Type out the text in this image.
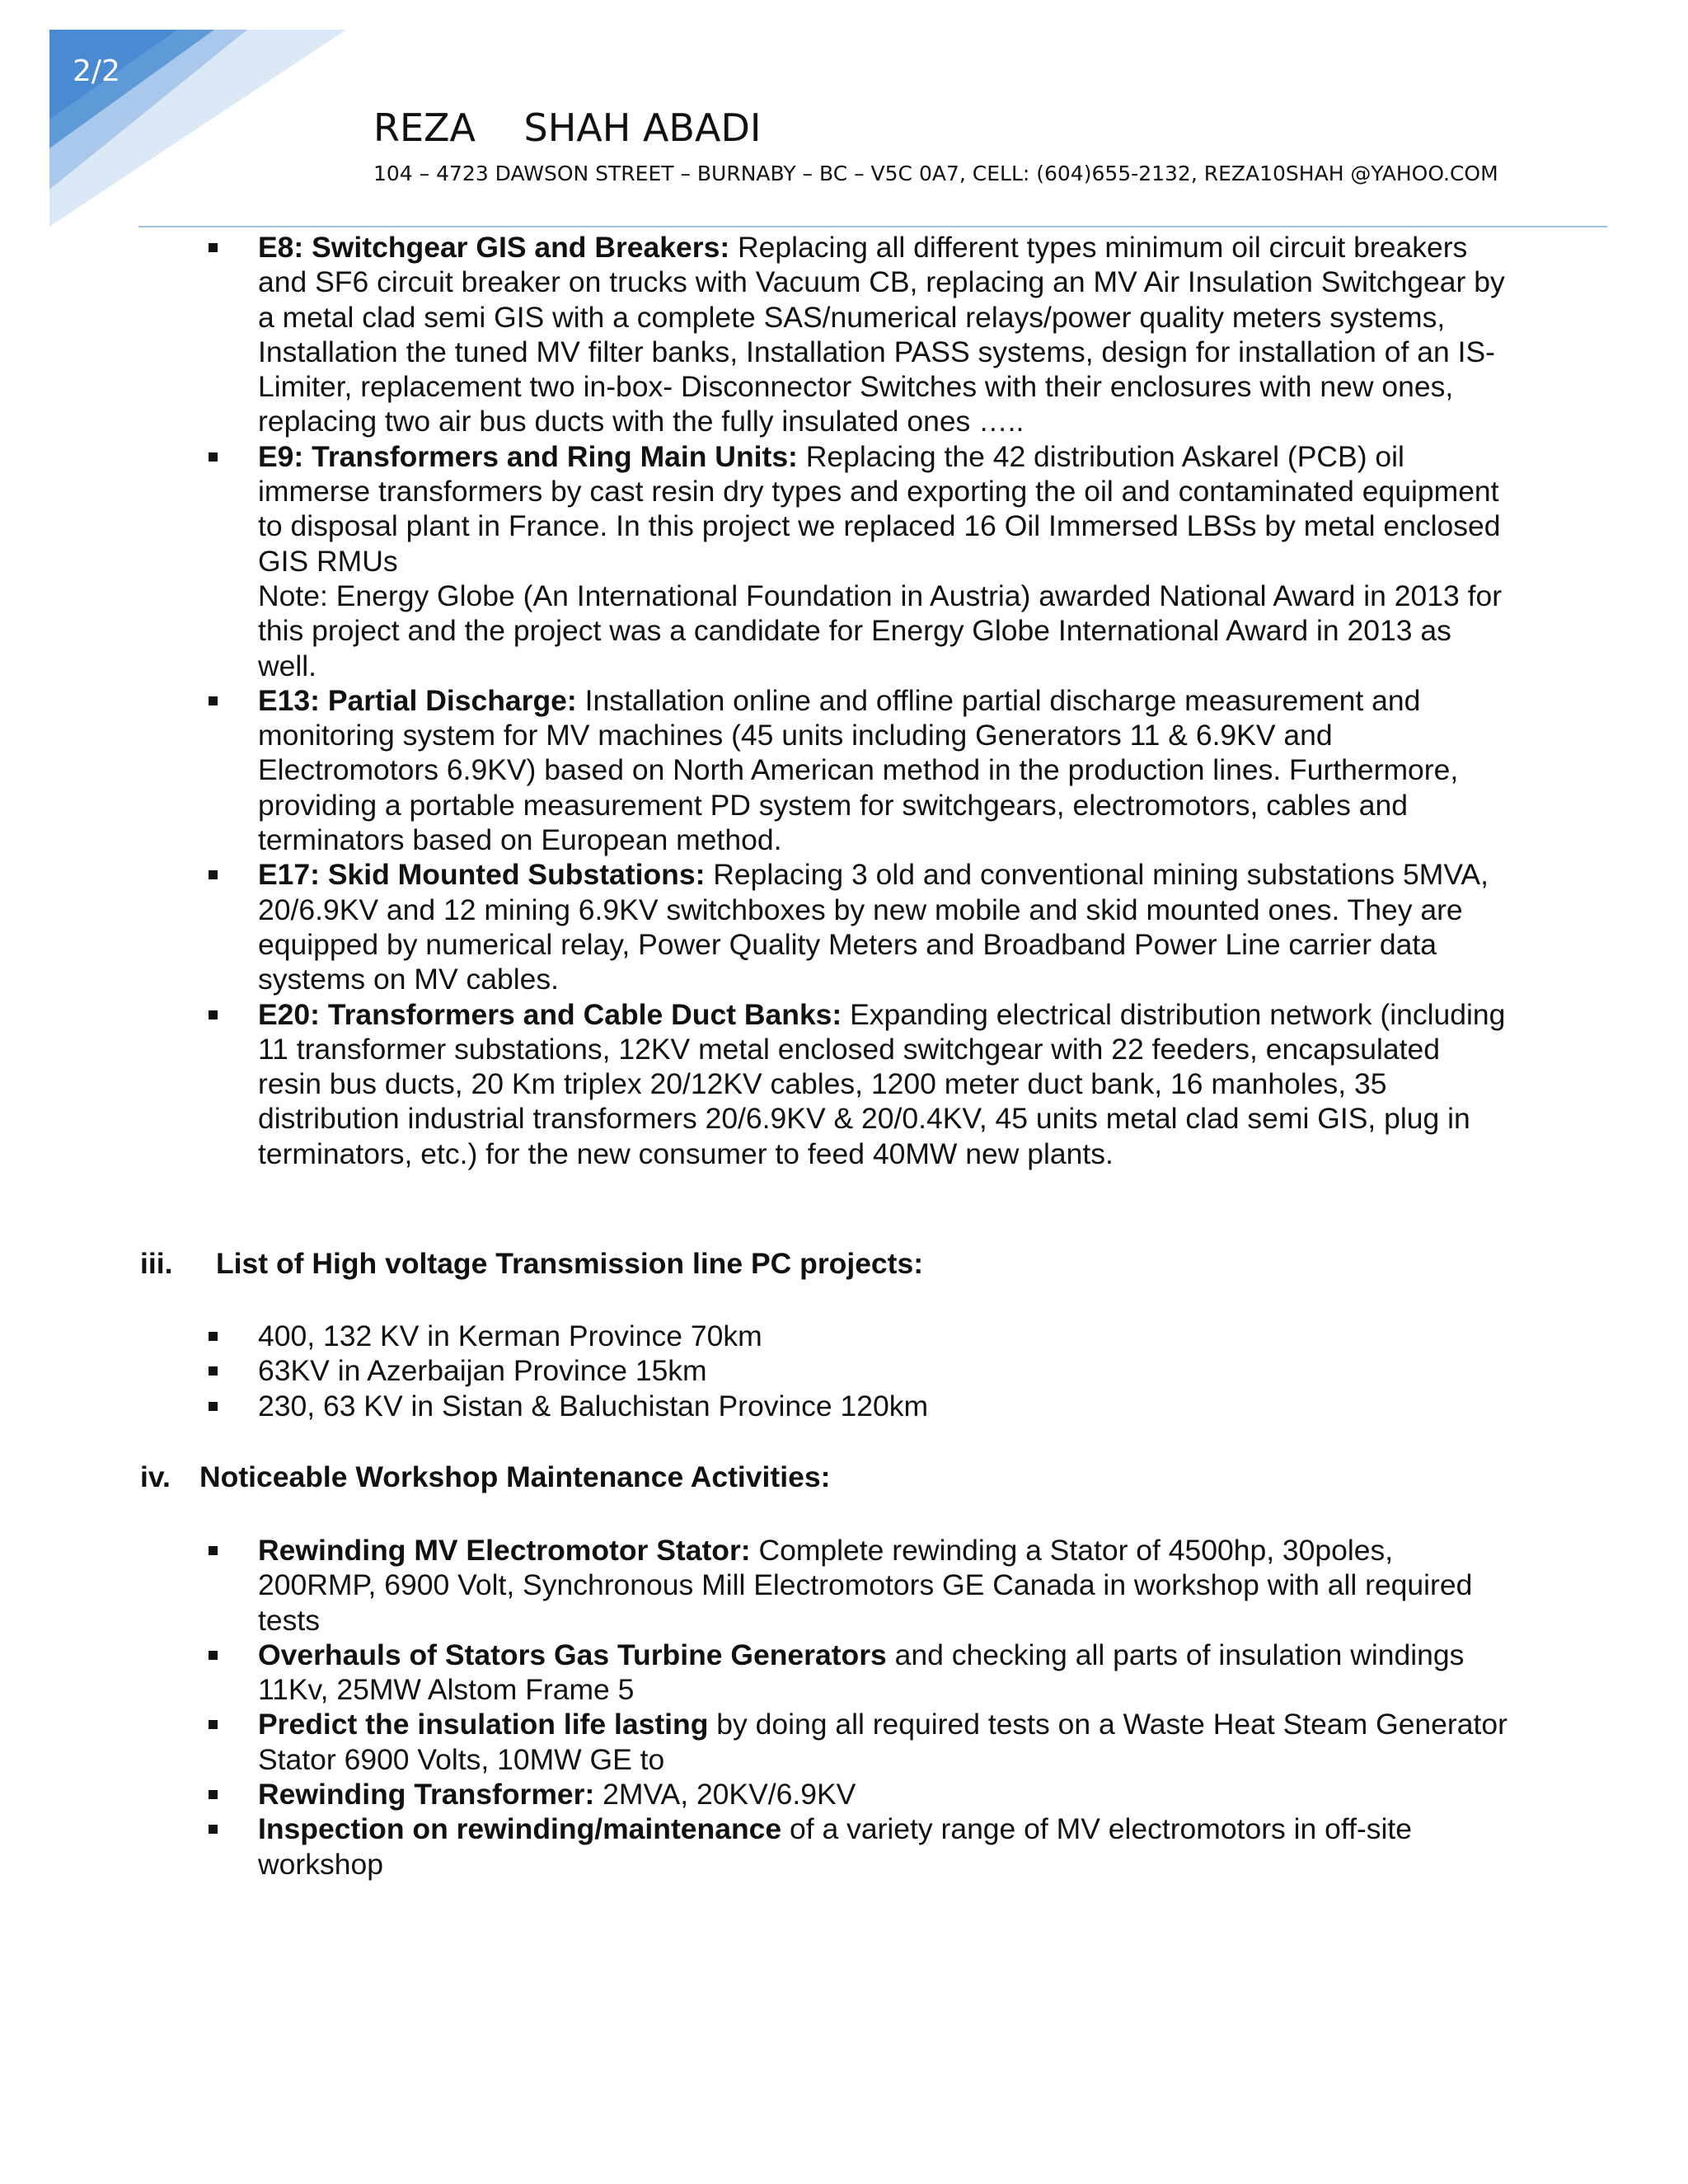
2/2
REZA    SHAH ABADI
104 – 4723 DAWSON STREET – BURNABY – BC – V5C 0A7, CELL: (604)655-2132, REZA10SHAH @YAHOO.COM
E8: Switchgear GIS and Breakers: Replacing all different types minimum oil circuit breakers and SF6 circuit breaker on trucks with Vacuum CB, replacing an MV Air Insulation Switchgear by a metal clad semi GIS with a complete SAS/numerical relays/power quality meters systems, Installation the tuned MV filter banks, Installation PASS systems, design for installation of an IS-Limiter, replacement two in-box- Disconnector Switches with their enclosures with new ones, replacing two air bus ducts with the fully insulated ones …..
E9: Transformers and Ring Main Units: Replacing the 42 distribution Askarel (PCB) oil immerse transformers by cast resin dry types and exporting the oil and contaminated equipment to disposal plant in France. In this project we replaced 16 Oil Immersed LBSs by metal enclosed GIS RMUs
Note: Energy Globe (An International Foundation in Austria) awarded National Award in 2013 for this project and the project was a candidate for Energy Globe International Award in 2013 as well.
E13: Partial Discharge: Installation online and offline partial discharge measurement and monitoring system for MV machines (45 units including Generators 11 & 6.9KV and Electromotors 6.9KV) based on North American method in the production lines. Furthermore, providing a portable measurement PD system for switchgears, electromotors, cables and terminators based on European method.
E17: Skid Mounted Substations: Replacing 3 old and conventional mining substations 5MVA, 20/6.9KV and 12 mining 6.9KV switchboxes by new mobile and skid mounted ones. They are equipped by numerical relay, Power Quality Meters and Broadband Power Line carrier data systems on MV cables.
E20: Transformers and Cable Duct Banks: Expanding electrical distribution network (including 11 transformer substations, 12KV metal enclosed switchgear with 22 feeders, encapsulated resin bus ducts, 20 Km triplex 20/12KV cables, 1200 meter duct bank, 16 manholes, 35 distribution industrial transformers 20/6.9KV & 20/0.4KV, 45 units metal clad semi GIS, plug in terminators, etc.) for the new consumer to feed 40MW new plants.
iii. List of High voltage Transmission line PC projects:
400, 132 KV in Kerman Province 70km
63KV in Azerbaijan Province 15km
230, 63 KV in Sistan & Baluchistan Province 120km
iv. Noticeable Workshop Maintenance Activities:
Rewinding MV Electromotor Stator: Complete rewinding a Stator of 4500hp, 30poles, 200RMP, 6900 Volt, Synchronous Mill Electromotors GE Canada in workshop with all required tests
Overhauls of Stators Gas Turbine Generators and checking all parts of insulation windings 11Kv, 25MW Alstom Frame 5
Predict the insulation life lasting by doing all required tests on a Waste Heat Steam Generator Stator 6900 Volts, 10MW GE to
Rewinding Transformer: 2MVA, 20KV/6.9KV
Inspection on rewinding/maintenance of a variety range of MV electromotors in off-site workshop
